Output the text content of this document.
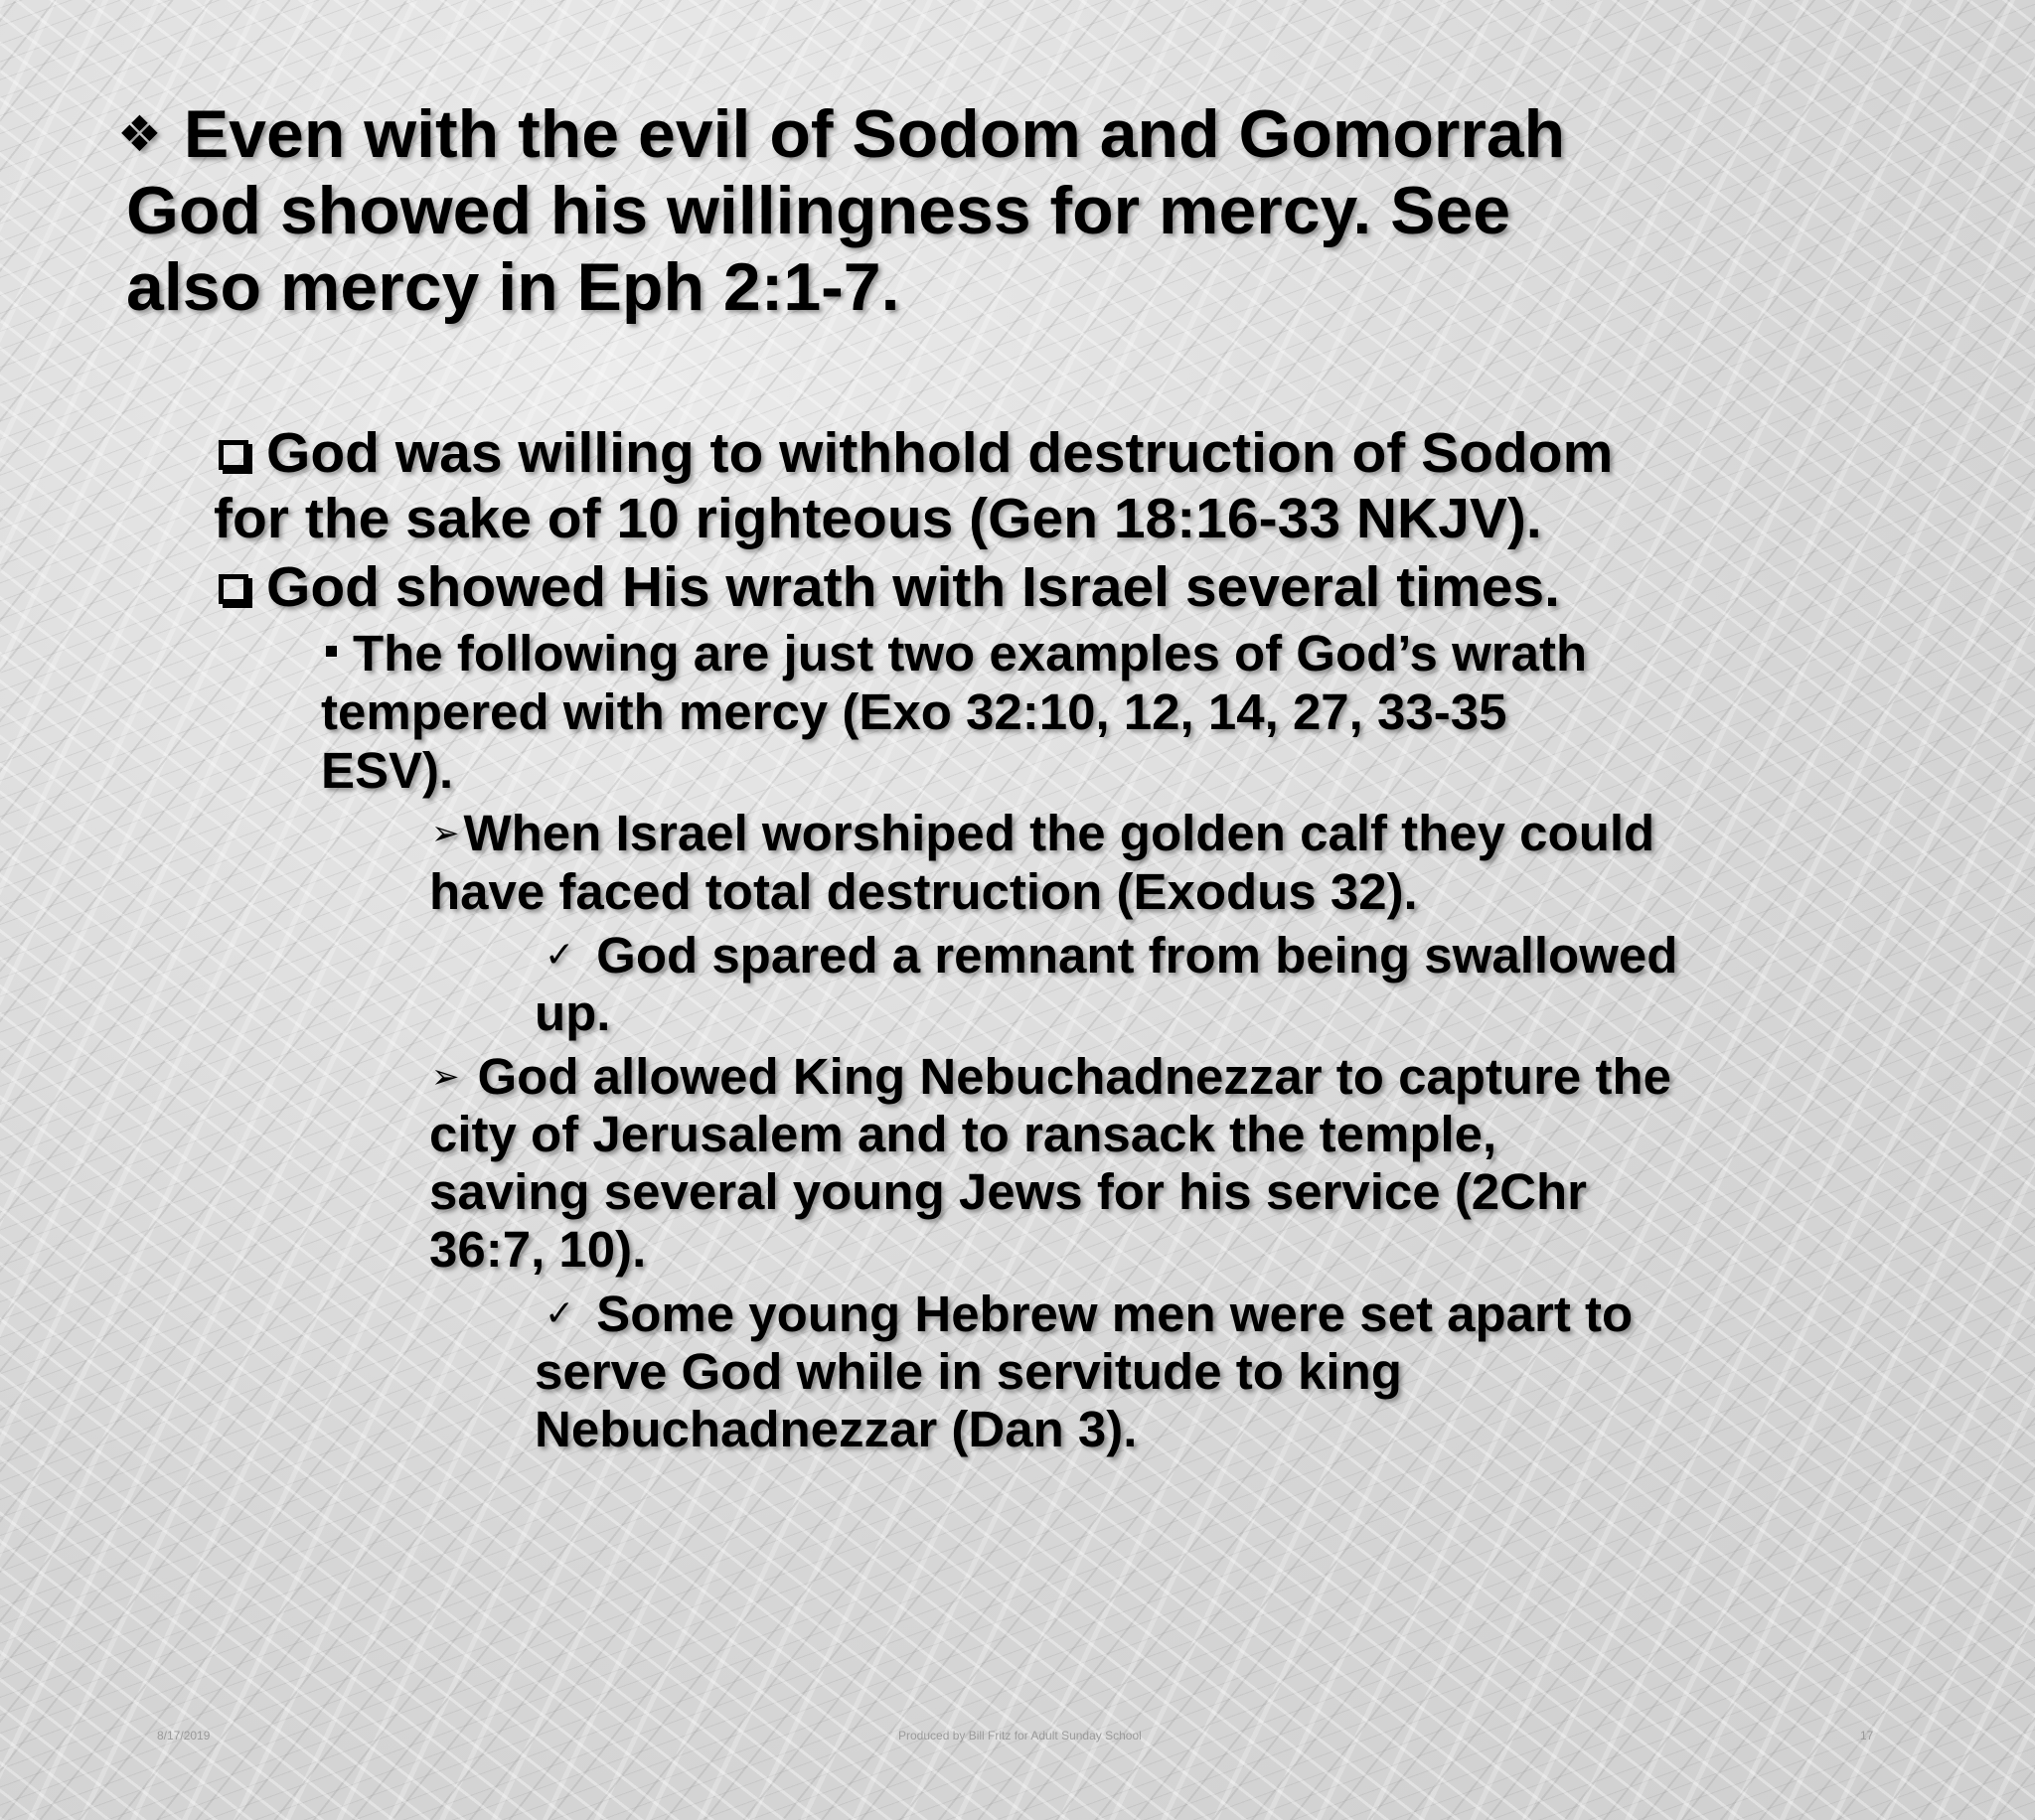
❖ Even with the evil of Sodom and Gomorrah
God showed his willingness for mercy. See
also mercy in Eph 2:1-7.
God was willing to withhold destruction of Sodom
for the sake of 10 righteous (Gen 18:16-33 NKJV).
God showed His wrath with Israel several times.
The following are just two examples of God’s wrath
tempered with mercy (Exo 32:10, 12, 14, 27, 33-35
ESV).
➢When Israel worshiped the golden calf they could
have faced total destruction (Exodus 32).
✓ God spared a remnant from being swallowed
up.
➢ God allowed King Nebuchadnezzar to capture the
city of Jerusalem and to ransack the temple,
saving several young Jews for his service (2Chr
36:7, 10).
✓ Some young Hebrew men were set apart to
serve God while in servitude to king
Nebuchadnezzar (Dan 3).
8/17/2019	Produced by Bill Fritz for Adult Sunday School	17
